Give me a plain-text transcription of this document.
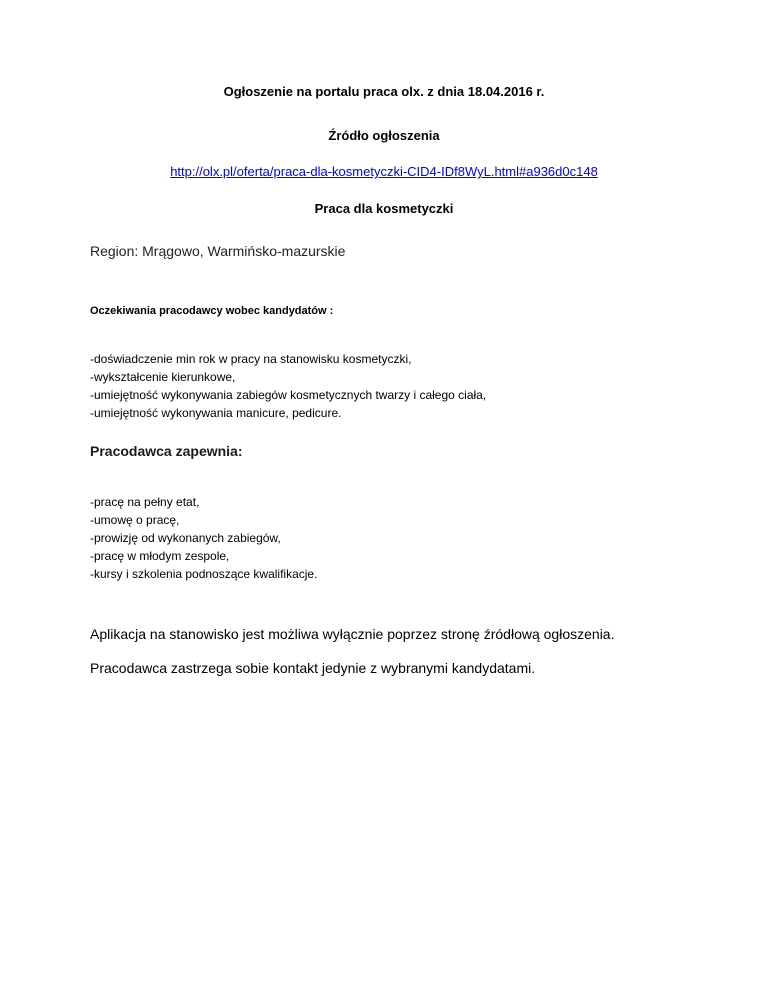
Ogłoszenie na portalu praca olx. z dnia 18.04.2016 r.
Źródło ogłoszenia
http://olx.pl/oferta/praca-dla-kosmetyczki-CID4-IDf8WyL.html#a936d0c148
Praca dla kosmetyczki
Region: Mrągowo, Warmińsko-mazurskie
Oczekiwania pracodawcy wobec kandydatów :
-doświadczenie min rok w pracy na stanowisku kosmetyczki,
-wykształcenie kierunkowe,
-umiejętność wykonywania zabiegów kosmetycznych twarzy i całego ciała,
-umiejętność wykonywania manicure, pedicure.
Pracodawca zapewnia:
-pracę na pełny etat,
-umowę o pracę,
-prowizję od wykonanych zabiegów,
-pracę w młodym zespole,
-kursy i szkolenia podnoszące kwalifikacje.
Aplikacja na stanowisko jest możliwa wyłącznie poprzez stronę źródłową ogłoszenia.
Pracodawca zastrzega sobie kontakt jedynie z wybranymi kandydatami.
